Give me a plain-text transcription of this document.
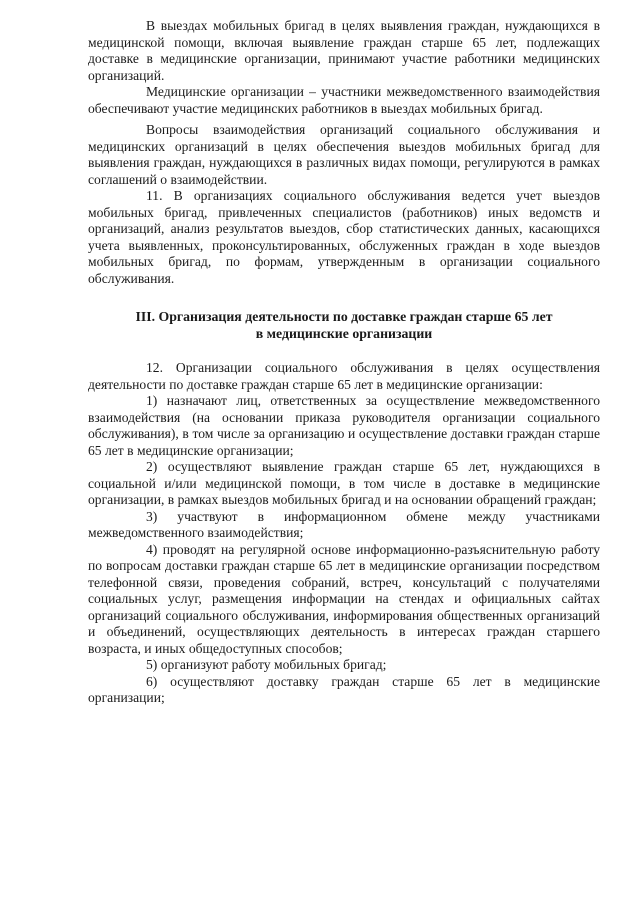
В выездах мобильных бригад в целях выявления граждан, нуждающихся в медицинской помощи, включая выявление граждан старше 65 лет, подлежащих доставке в медицинские организации, принимают участие работники медицинских организаций.

Медицинские организации – участники межведомственного взаимодействия обеспечивают участие медицинских работников в выездах мобильных бригад.

Вопросы взаимодействия организаций социального обслуживания и медицинских организаций в целях обеспечения выездов мобильных бригад для выявления граждан, нуждающихся в различных видах помощи, регулируются в рамках соглашений о взаимодействии.

11. В организациях социального обслуживания ведется учет выездов мобильных бригад, привлеченных специалистов (работников) иных ведомств и организаций, анализ результатов выездов, сбор статистических данных, касающихся учета выявленных, проконсультированных, обслуженных граждан в ходе выездов мобильных бригад, по формам, утвержденным в организации социального обслуживания.

III. Организация деятельности по доставке граждан старше 65 лет

в медицинские организации

12. Организации социального обслуживания в целях осуществления деятельности по доставке граждан старше 65 лет в медицинские организации:

1) назначают лиц, ответственных за осуществление межведомственного взаимодействия (на основании приказа руководителя организации социального обслуживания), в том числе за организацию и осуществление доставки граждан старше 65 лет в медицинские организации;

2) осуществляют выявление граждан старше 65 лет, нуждающихся в социальной и/или медицинской помощи, в том числе в доставке в медицинские организации, в рамках выездов мобильных бригад и на основании обращений граждан;

3) участвуют в информационном обмене между участниками межведомственного взаимодействия;

4) проводят на регулярной основе информационно-разъяснительную работу по вопросам доставки граждан старше 65 лет в медицинские организации посредством телефонной связи, проведения собраний, встреч, консультаций с получателями социальных услуг, размещения информации на стендах и официальных сайтах организаций социального обслуживания, информирования общественных организаций и объединений, осуществляющих деятельность в интересах граждан старшего возраста, и иных общедоступных способов;

5) организуют работу мобильных бригад;

6) осуществляют доставку граждан старше 65 лет в медицинские организации;
